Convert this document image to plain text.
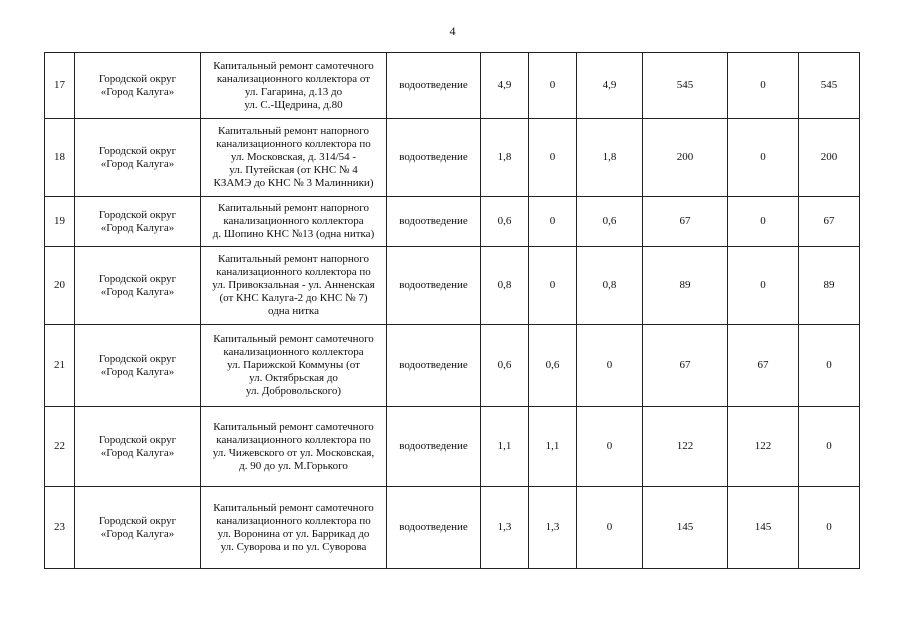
4
17	Городской округ
«Город Калуга»	Капитальный ремонт самотечного
канализационного коллектора от
ул. Гагарина, д.13 до
ул. С.-Щедрина, д.80	водоотведение	4,9	0	4,9	545	0	545
18	Городской округ
«Город Калуга»	Капитальный ремонт напорного
канализационного коллектора по
ул. Московская, д. 314/54 -
ул. Путейская (от КНС № 4
КЗАМЭ до КНС № 3 Малинники)	водоотведение	1,8	0	1,8	200	0	200
19	Городской округ
«Город Калуга»	Капитальный ремонт напорного
канализационного коллектора
д. Шопино КНС №13 (одна нитка)	водоотведение	0,6	0	0,6	67	0	67
20	Городской округ
«Город Калуга»	Капитальный ремонт напорного
канализационного коллектора по
ул. Привокзальная - ул. Анненская
(от КНС Калуга-2 до КНС № 7)
одна нитка	водоотведение	0,8	0	0,8	89	0	89
21	Городской округ
«Город Калуга»	Капитальный ремонт самотечного
канализационного коллектора
ул. Парижской Коммуны (от
ул. Октябрьская до
ул. Добровольского)	водоотведение	0,6	0,6	0	67	67	0
22	Городской округ
«Город Калуга»	Капитальный ремонт самотечного
канализационного коллектора по
ул. Чижевского от ул. Московская,
д. 90 до ул. М.Горького	водоотведение	1,1	1,1	0	122	122	0
23	Городской округ
«Город Калуга»	Капитальный ремонт самотечного
канализационного коллектора по
ул. Воронина от ул. Баррикад до
ул. Суворова и по ул. Суворова	водоотведение	1,3	1,3	0	145	145	0
